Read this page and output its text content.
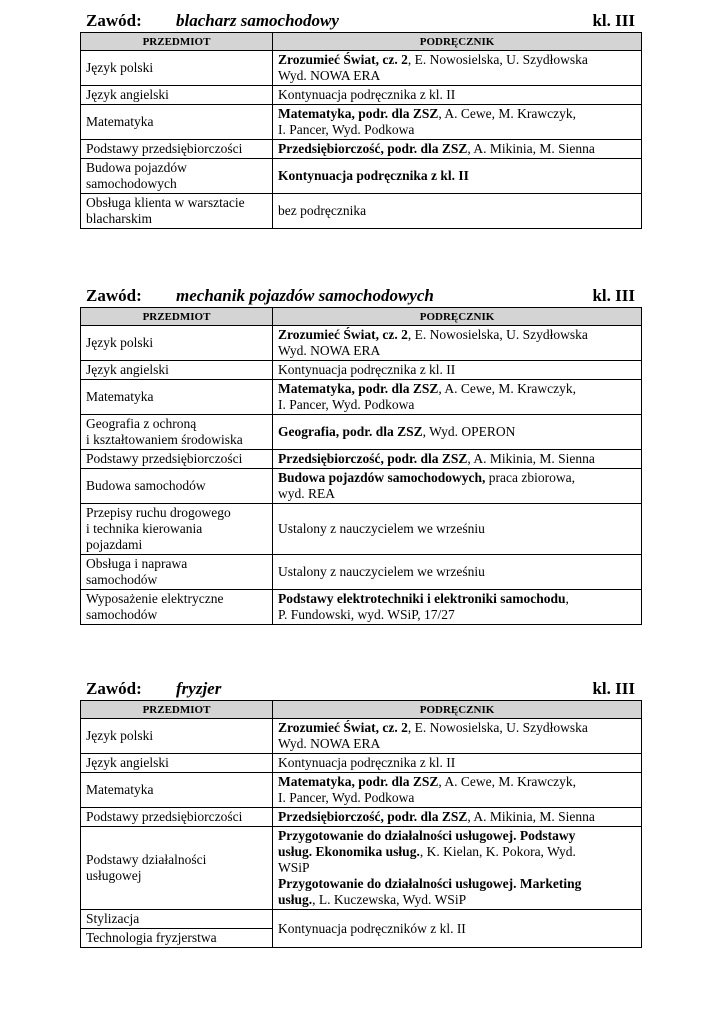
Zawód: blacharz samochodowy	kl. III
PRZEDMIOT	PODRĘCZNIK

Język polski	Zrozumieć Świat, cz. 2, E. Nowosielska, U. Szydłowska
Wyd. NOWA ERA

Język angielski	Kontynuacja podręcznika z kl. II

Matematyka	Matematyka, podr. dla ZSZ, A. Cewe, M. Krawczyk,
I. Pancer, Wyd. Podkowa

Podstawy przedsiębiorczości	Przedsiębiorczość, podr. dla ZSZ, A. Mikinia, M. Sienna

Budowa pojazdów
samochodowych	Kontynuacja podręcznika z kl. II

Obsługa klienta w warsztacie
blacharskim	bez podręcznika
Zawód: mechanik pojazdów samochodowych	kl. III
PRZEDMIOT	PODRĘCZNIK

Język polski	Zrozumieć Świat, cz. 2, E. Nowosielska, U. Szydłowska
Wyd. NOWA ERA

Język angielski	Kontynuacja podręcznika z kl. II

Matematyka	Matematyka, podr. dla ZSZ, A. Cewe, M. Krawczyk,
I. Pancer, Wyd. Podkowa

Geografia z ochroną
i kształtowaniem środowiska	Geografia, podr. dla ZSZ, Wyd. OPERON

Podstawy przedsiębiorczości	Przedsiębiorczość, podr. dla ZSZ, A. Mikinia, M. Sienna

Budowa samochodów	Budowa pojazdów samochodowych, praca zbiorowa,
wyd. REA

Przepisy ruchu drogowego
i technika kierowania
pojazdami	Ustalony z nauczycielem we wrześniu

Obsługa i naprawa
samochodów	Ustalony z nauczycielem we wrześniu

Wyposażenie elektryczne
samochodów	Podstawy elektrotechniki i elektroniki samochodu,
P. Fundowski, wyd. WSiP, 17/27
Zawód: fryzjer	kl. III
PRZEDMIOT	PODRĘCZNIK

Język polski	Zrozumieć Świat, cz. 2, E. Nowosielska, U. Szydłowska
Wyd. NOWA ERA

Język angielski	Kontynuacja podręcznika z kl. II

Matematyka	Matematyka, podr. dla ZSZ, A. Cewe, M. Krawczyk,
I. Pancer, Wyd. Podkowa

Podstawy przedsiębiorczości	Przedsiębiorczość, podr. dla ZSZ, A. Mikinia, M. Sienna

Podstawy działalności
usługowej	Przygotowanie do działalności usługowej. Podstawy
usług. Ekonomika usług., K. Kielan, K. Pokora, Wyd.
WSiP
Przygotowanie do działalności usługowej. Marketing
usług., L. Kuczewska, Wyd. WSiP

Stylizacja	Kontynuacja podręczników z kl. II

Technologia fryzjerstwa	
